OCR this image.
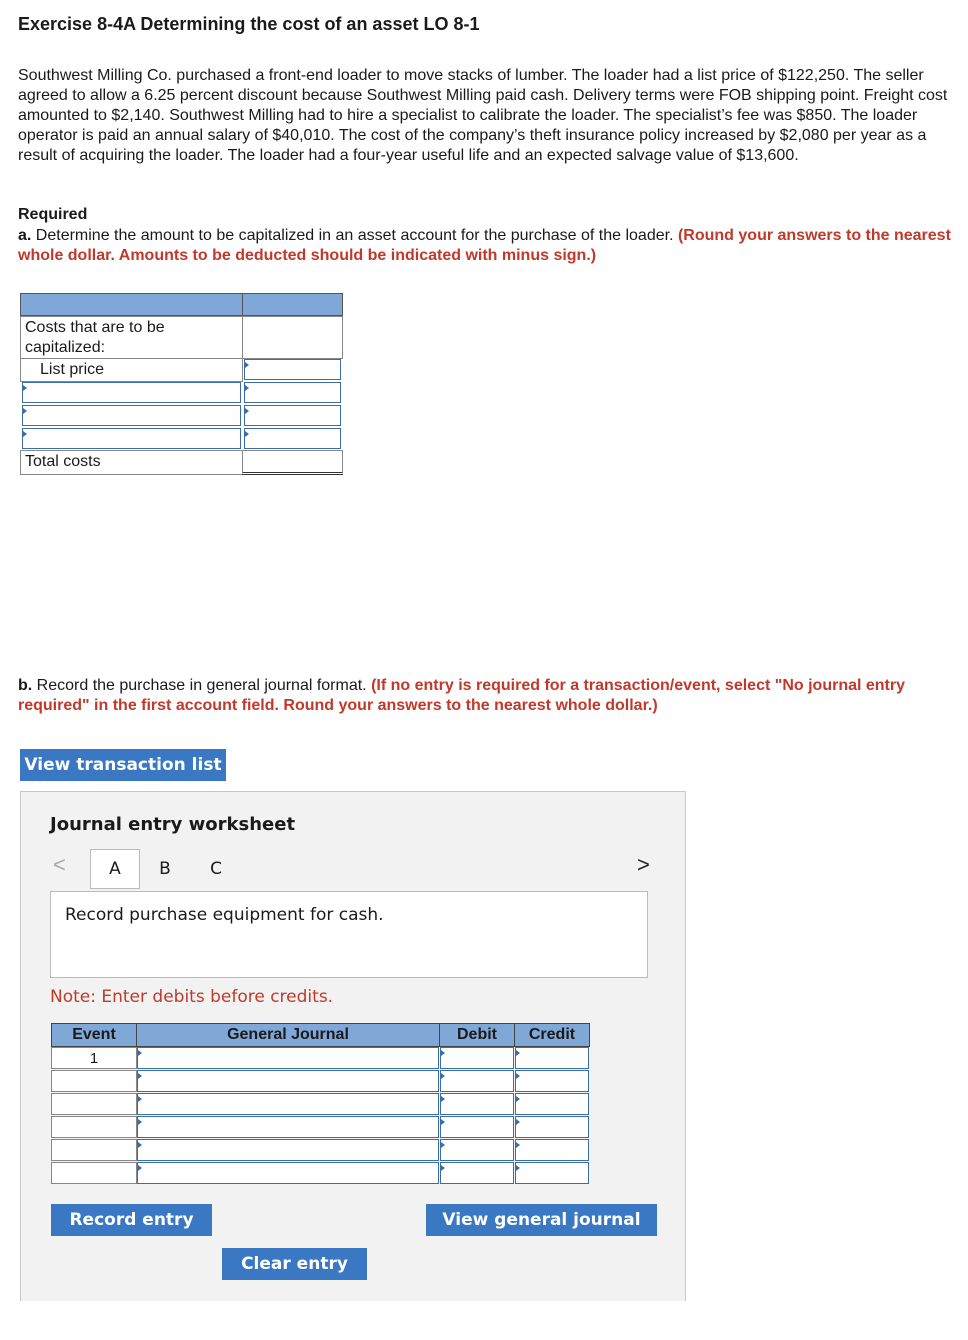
Exercise 8-4A Determining the cost of an asset LO 8-1
Southwest Milling Co. purchased a front-end loader to move stacks of lumber. The loader had a list price of $122,250. The seller agreed to allow a 6.25 percent discount because Southwest Milling paid cash. Delivery terms were FOB shipping point. Freight cost amounted to $2,140. Southwest Milling had to hire a specialist to calibrate the loader. The specialist’s fee was $850. The loader operator is paid an annual salary of $40,010. The cost of the company’s theft insurance policy increased by $2,080 per year as a result of acquiring the loader. The loader had a four-year useful life and an expected salvage value of $13,600.
Required
a. Determine the amount to be capitalized in an asset account for the purchase of the loader. (Round your answers to the nearest whole dollar. Amounts to be deducted should be indicated with minus sign.)
Costs that are to be capitalized:
List price
Total costs
b. Record the purchase in general journal format. (If no entry is required for a transaction/event, select "No journal entry required" in the first account field. Round your answers to the nearest whole dollar.)
View transaction list
Journal entry worksheet
<	A	B	C	>
Record purchase equipment for cash.
Note: Enter debits before credits.
Event	General Journal	Debit	Credit
1
Record entry	View general journal
Clear entry
